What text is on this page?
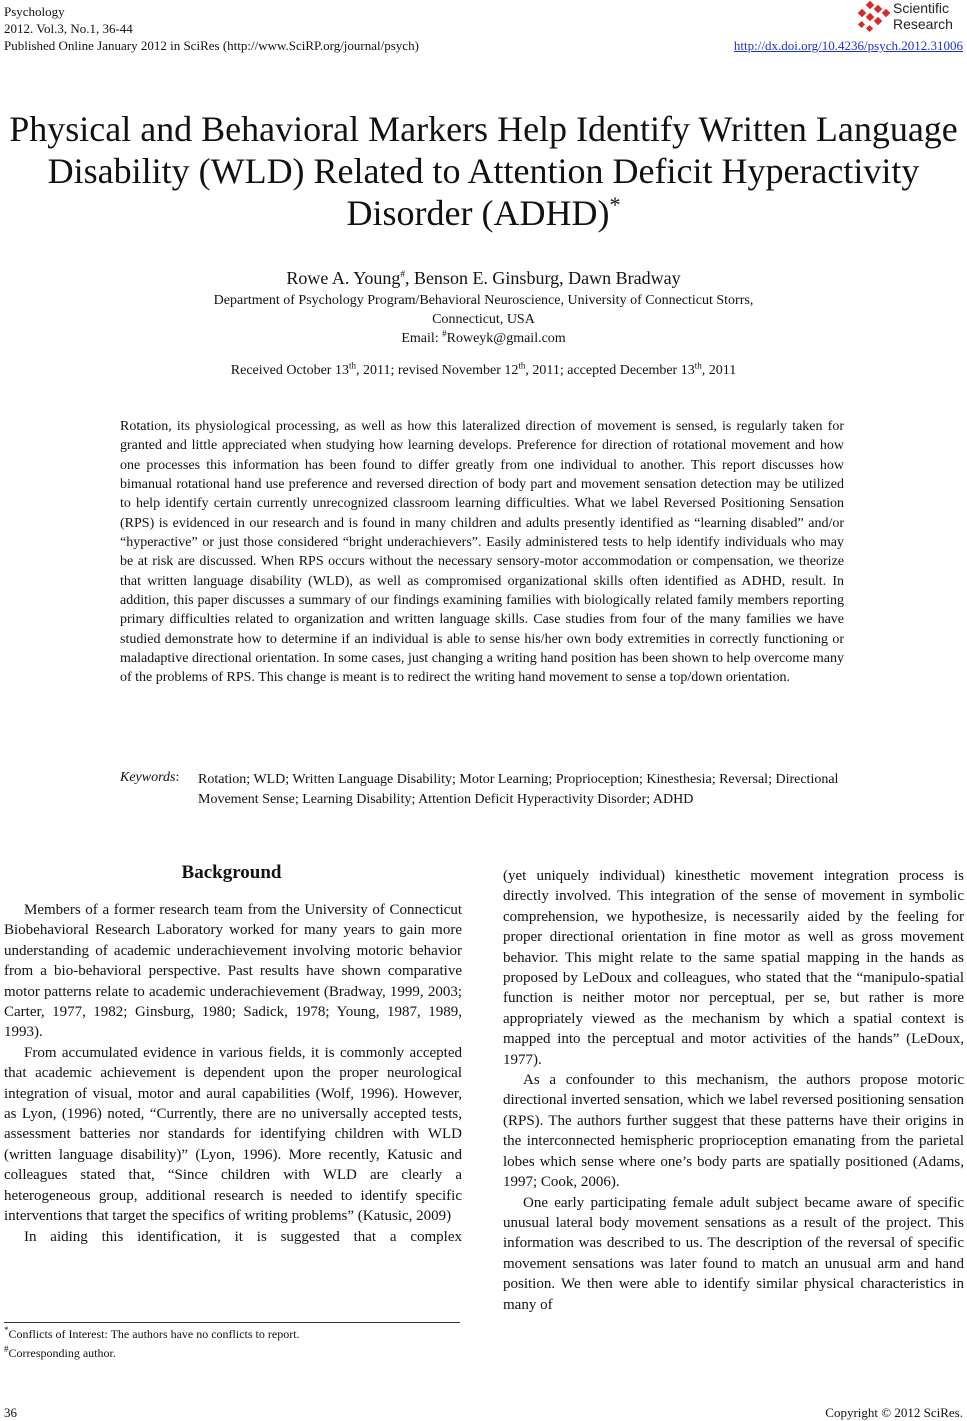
Psychology
2012. Vol.3, No.1, 36-44
Published Online January 2012 in SciRes (http://www.SciRP.org/journal/psych)	http://dx.doi.org/10.4236/psych.2012.31006
Scientific
Research
Physical and Behavioral Markers Help Identify Written Language
Disability (WLD) Related to Attention Deficit Hyperactivity
Disorder (ADHD)*
Rowe A. Young#, Benson E. Ginsburg, Dawn Bradway
Department of Psychology Program/Behavioral Neuroscience, University of Connecticut Storrs,
Connecticut, USA
Email: #Roweyk@gmail.com
Received October 13th, 2011; revised November 12th, 2011; accepted December 13th, 2011
Rotation, its physiological processing, as well as how this lateralized direction of movement is sensed, is regularly taken for granted and little appreciated when studying how learning develops. Preference for direction of rotational movement and how one processes this information has been found to differ greatly from one individual to another. This report discusses how bimanual rotational hand use preference and reversed direction of body part and movement sensation detection may be utilized to help identify certain currently unrecognized classroom learning difficulties. What we label Reversed Positioning Sensation (RPS) is evidenced in our research and is found in many children and adults presently identified as “learning disabled” and/or “hyperactive” or just those considered “bright underachievers”. Easily administered tests to help identify individuals who may be at risk are discussed. When RPS occurs without the necessary sensory-motor accommodation or compensation, we theorize that written language disability (WLD), as well as compromised organizational skills often identified as ADHD, result. In addition, this paper discusses a summary of our findings examining families with biologically related family members reporting primary difficulties related to organization and written language skills. Case studies from four of the many families we have studied demonstrate how to determine if an individual is able to sense his/her own body extremities in correctly functioning or maladaptive directional orientation. In some cases, just changing a writing hand position has been shown to help overcome many of the problems of RPS. This change is meant is to redirect the writing hand movement to sense a top/down orientation.
Keywords: Rotation; WLD; Written Language Disability; Motor Learning; Proprioception; Kinesthesia; Reversal; Directional Movement Sense; Learning Disability; Attention Deficit Hyperactivity Disorder; ADHD
Background

Members of a former research team from the University of Connecticut Biobehavioral Research Laboratory worked for many years to gain more understanding of academic underachievement involving motoric behavior from a bio-behavioral perspective. Past results have shown comparative motor patterns relate to academic underachievement (Bradway, 1999, 2003; Carter, 1977, 1982; Ginsburg, 1980; Sadick, 1978; Young, 1987, 1989, 1993).

From accumulated evidence in various fields, it is commonly accepted that academic achievement is dependent upon the proper neurological integration of visual, motor and aural capabilities (Wolf, 1996). However, as Lyon, (1996) noted, “Currently, there are no universally accepted tests, assessment batteries nor standards for identifying children with WLD (written language disability)” (Lyon, 1996). More recently, Katusic and colleagues stated that, “Since children with WLD are clearly a heterogeneous group, additional research is needed to identify specific interventions that target the specifics of writing problems” (Katusic, 2009)

In aiding this identification, it is suggested that a complex

(yet uniquely individual) kinesthetic movement integration process is directly involved. This integration of the sense of movement in symbolic comprehension, we hypothesize, is necessarily aided by the feeling for proper directional orientation in fine motor as well as gross movement behavior. This might relate to the same spatial mapping in the hands as proposed by LeDoux and colleagues, who stated that the “manipulo-spatial function is neither motor nor perceptual, per se, but rather is more appropriately viewed as the mechanism by which a spatial context is mapped into the perceptual and motor activities of the hands” (LeDoux, 1977).

As a confounder to this mechanism, the authors propose motoric directional inverted sensation, which we label reversed positioning sensation (RPS). The authors further suggest that these patterns have their origins in the interconnected hemispheric proprioception emanating from the parietal lobes which sense where one’s body parts are spatially positioned (Adams, 1997; Cook, 2006).

One early participating female adult subject became aware of specific unusual lateral body movement sensations as a result of the project. This information was described to us. The description of the reversal of specific movement sensations was later found to match an unusual arm and hand position. We then were able to identify similar physical characteristics in many of

*Conflicts of Interest: The authors have no conflicts to report.
#Corresponding author.
36	Copyright © 2012 SciRes.
